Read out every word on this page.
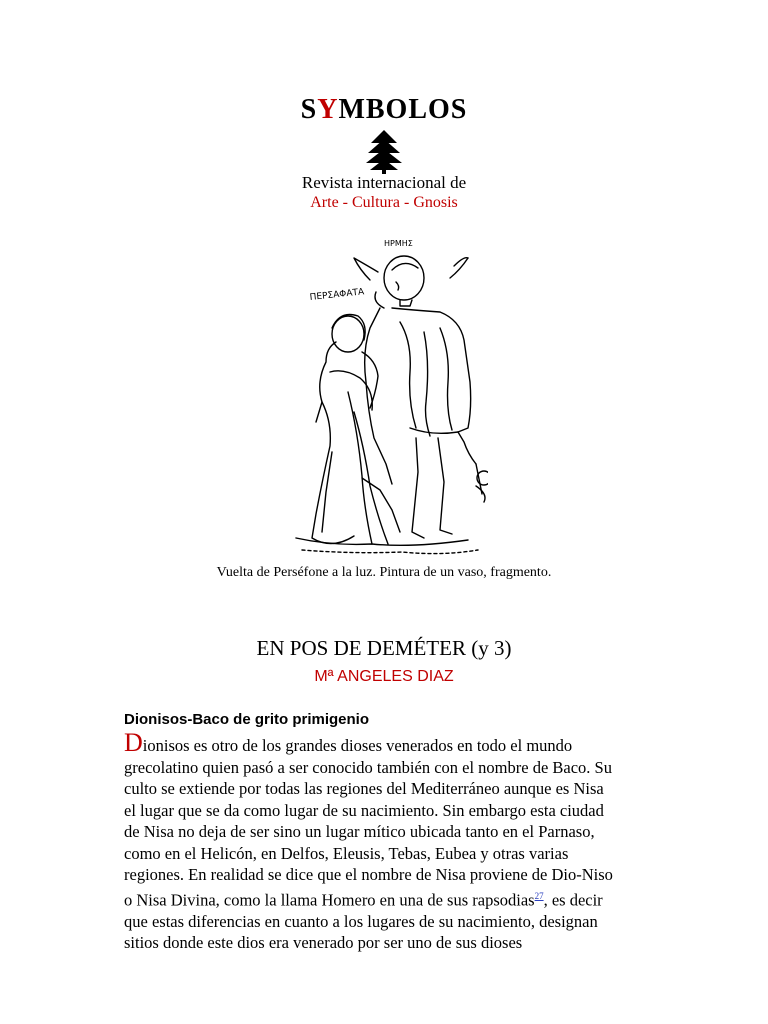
SYMBOLOS
Revista internacional de
Arte - Cultura - Gnosis
ΠΕΡΣΑΦΑΤΑ
ΗΡΜΗΣ
Vuelta de Perséfone a la luz. Pintura de un vaso, fragmento.
EN POS DE DEMÉTER (y 3)
Mª ANGELES DIAZ
Dionisos-Baco de grito primigenio
Dionisos es otro de los grandes dioses venerados en todo el mundo
grecolatino quien pasó a ser conocido también con el nombre de Baco. Su
culto se extiende por todas las regiones del Mediterráneo aunque es Nisa
el lugar que se da como lugar de su nacimiento. Sin embargo esta ciudad
de Nisa no deja de ser sino un lugar mítico ubicada tanto en el Parnaso,
como en el Helicón, en Delfos, Eleusis, Tebas, Eubea y otras varias
regiones. En realidad se dice que el nombre de Nisa proviene de Dio-Niso
o Nisa Divina, como la llama Homero en una de sus rapsodias$^{27}$, es decir
que estas diferencias en cuanto a los lugares de su nacimiento, designan
sitios donde este dios era venerado por ser uno de sus dioses
